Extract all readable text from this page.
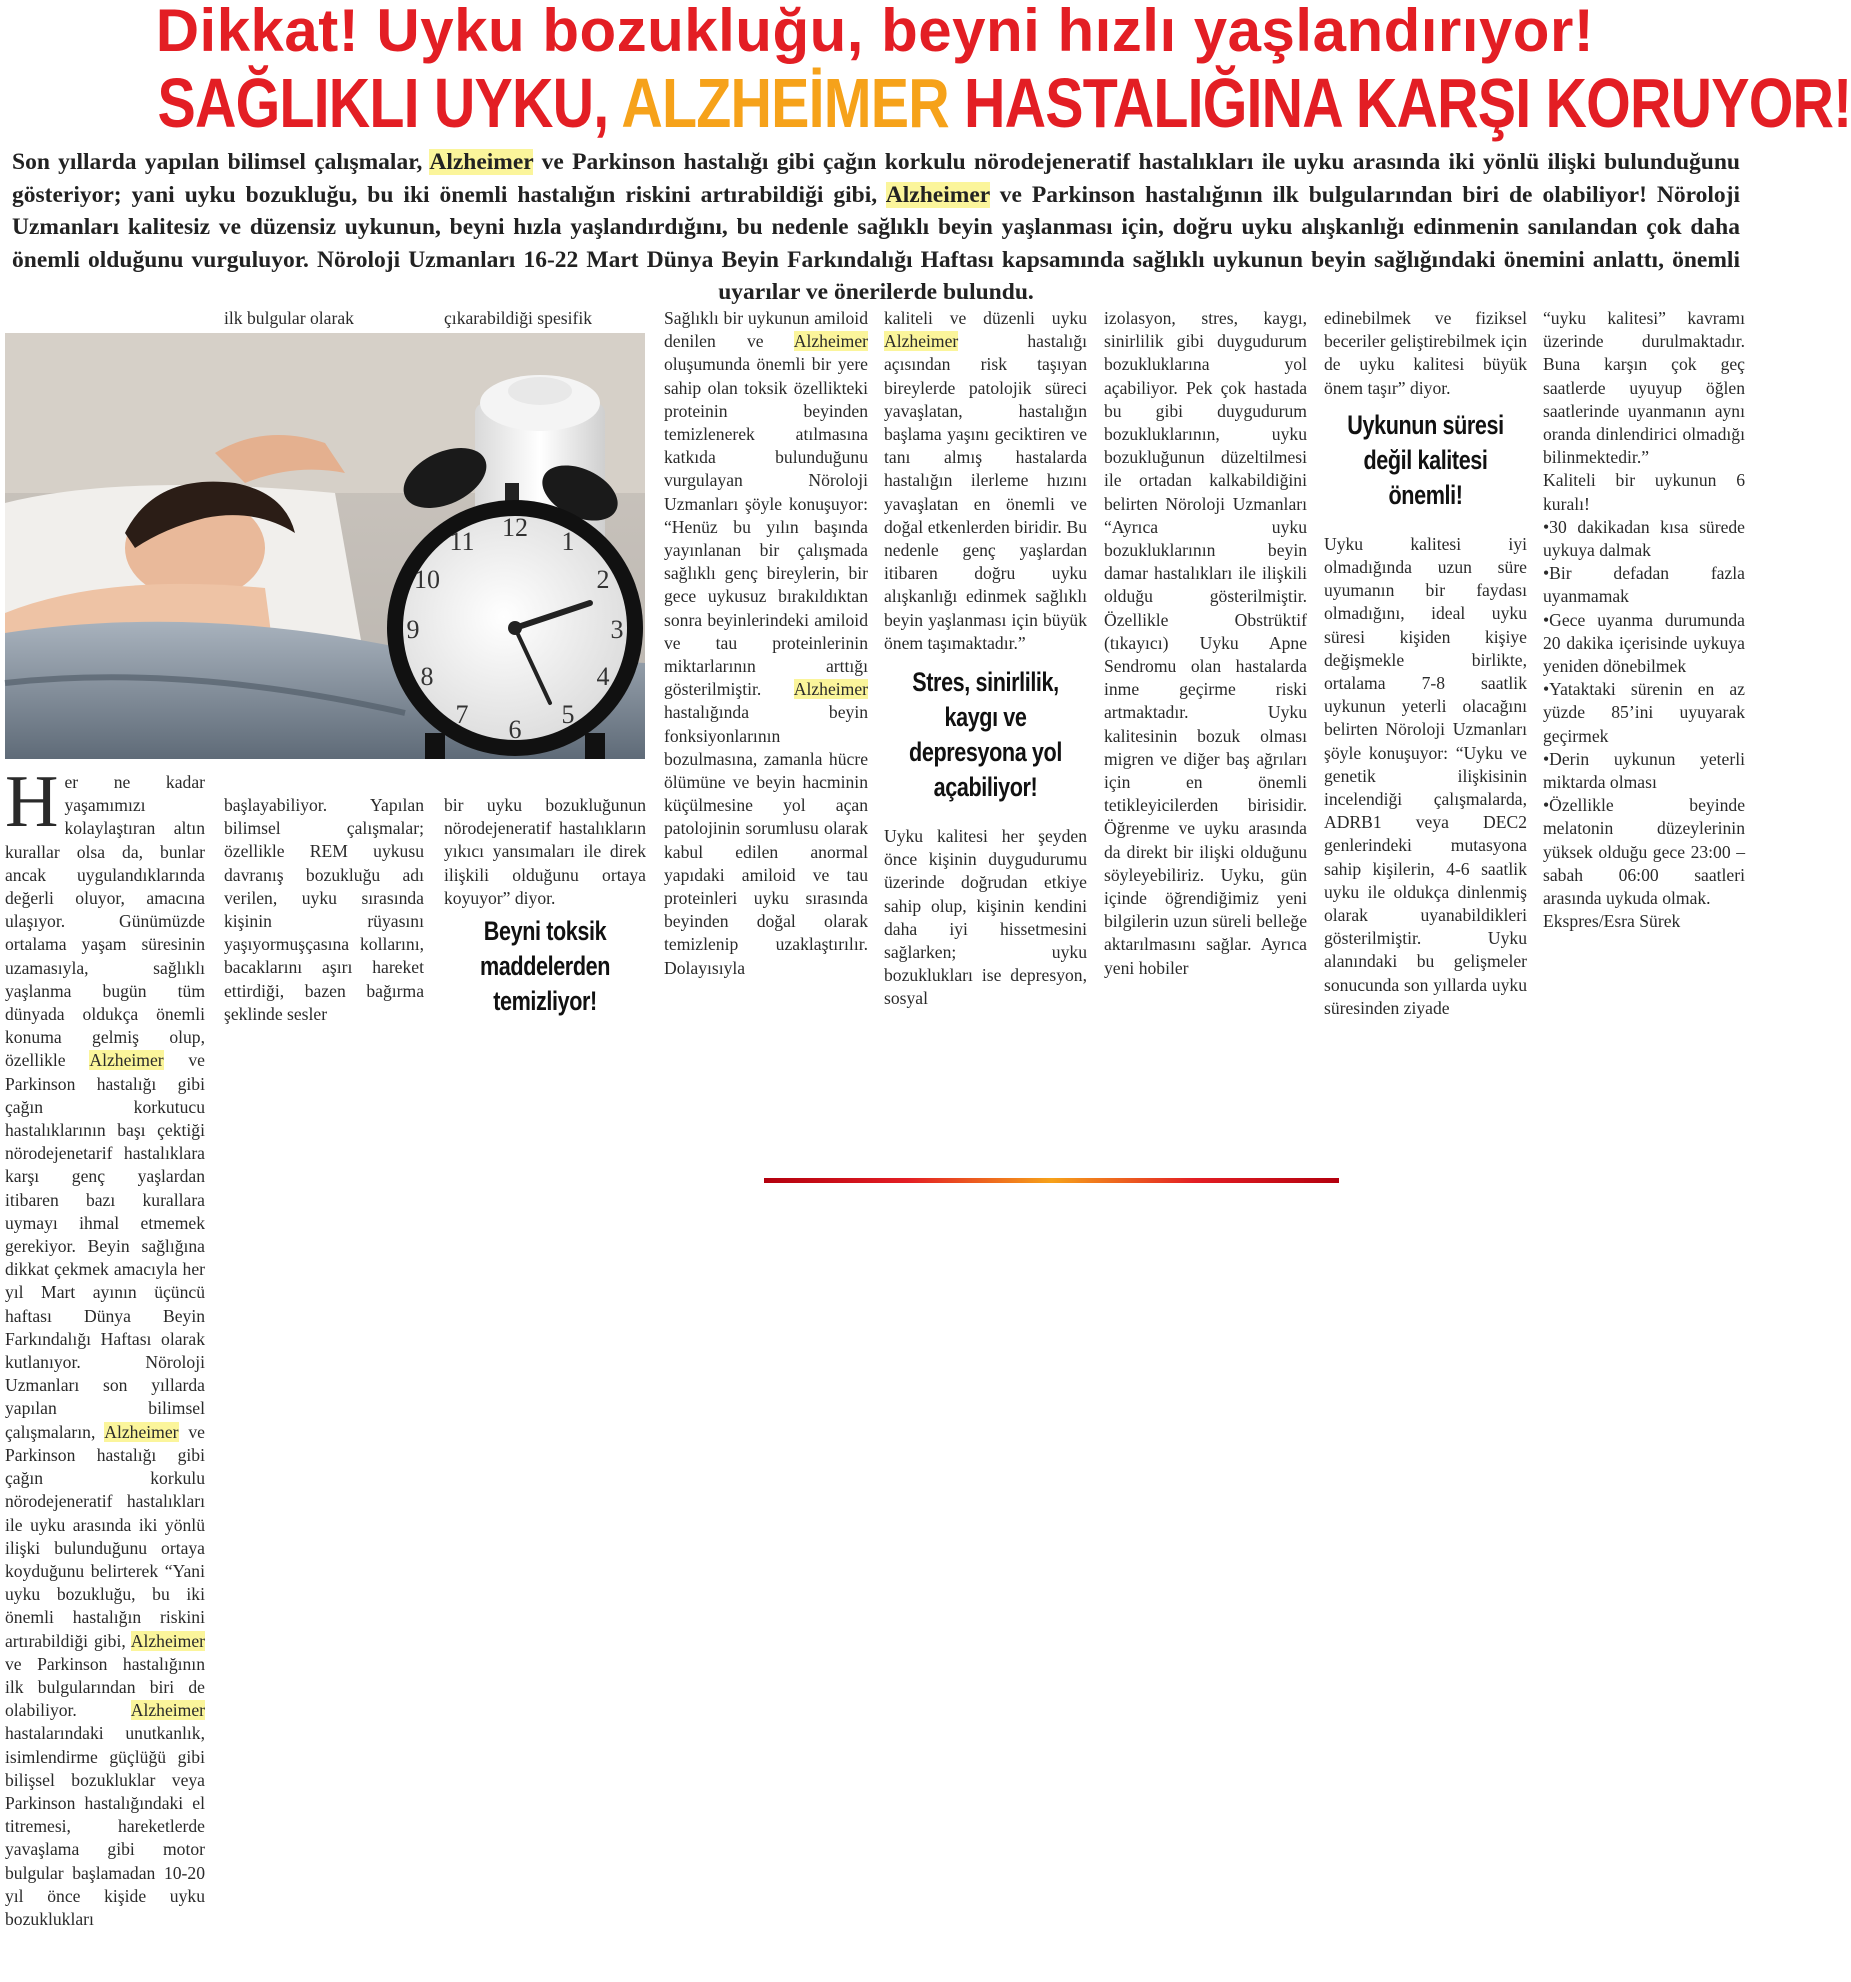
Dikkat! Uyku bozukluğu, beyni hızlı yaşlandırıyor!
SAĞLIKLI UYKU, ALZHEİMER HASTALIĞINA KARŞI KORUYOR!
Son yıllarda yapılan bilimsel çalışmalar, Alzheimer ve Parkinson hastalığı gibi çağın korkulu nörodejeneratif hastalıkları ile uyku arasında iki yönlü ilişki bulunduğunu gösteriyor; yani uyku bozukluğu, bu iki önemli hastalığın riskini artırabildiği gibi, Alzheimer ve Parkinson hastalığının ilk bulgularından biri de olabiliyor! Nöroloji Uzmanları kalitesiz ve düzensiz uykunun, beyni hızla yaşlandırdığını, bu nedenle sağlıklı beyin yaşlanması için, doğru uyku alışkanlığı edinmenin sanılandan çok daha önemli olduğunu vurguluyor. Nöroloji Uzmanları 16-22 Mart Dünya Beyin Farkındalığı Haftası kapsamında sağlıklı uykunun beyin sağlığındaki önemini anlattı, önemli uyarılar ve önerilerde bulundu.
12 1
2
3
4
5
6
7
8
9
10
11

Her ne kadar yaşamımızı kolaylaştıran altın kurallar olsa da, bunlar ancak uygulandıklarında değerli oluyor, amacına ulaşıyor. Günümüzde ortalama yaşam süresinin uzamasıyla, sağlıklı yaşlanma bugün tüm dünyada oldukça önemli konuma gelmiş olup, özellikle Alzheimer ve Parkinson hastalığı gibi çağın korkutucu hastalıklarının başı çektiği nörodejenetarif hastalıklara karşı genç yaşlardan itibaren bazı kurallara uymayı ihmal etmemek gerekiyor. Beyin sağlığına dikkat çekmek amacıyla her yıl Mart ayının üçüncü haftası Dünya Beyin Farkındalığı Haftası olarak kutlanıyor. Nöroloji Uzmanları son yıllarda yapılan bilimsel çalışmaların, Alzheimer ve Parkinson hastalığı gibi çağın korkulu nörodejeneratif hastalıkları ile uyku arasında iki yönlü ilişki bulunduğunu ortaya koyduğunu belirterek “Yani uyku bozukluğu, bu iki önemli hastalığın riskini artırabildiği gibi, Alzheimer ve Parkinson hastalığının ilk bulgularından biri de olabiliyor. Alzheimer hastalarındaki unutkanlık, isimlendirme güçlüğü gibi bilişsel bozukluklar veya Parkinson hastalığındaki el titremesi, hareketlerde yavaşlama gibi motor bulgular başlamadan 10-20 yıl önce kişide uyku bozuklukları

ilk bulgular olarak

başlayabiliyor. Yapılan bilimsel çalışmalar; özellikle REM uykusu davranış bozukluğu adı verilen, uyku sırasında kişinin rüyasını yaşıyormuşçasına kollarını, bacaklarını aşırı hareket ettirdiği, bazen bağırma şeklinde sesler

çıkarabildiği spesifik

bir uyku bozukluğunun nörodejeneratif hastalıkların yıkıcı yansımaları ile direk ilişkili olduğunu ortaya koyuyor” diyor.

Beyni toksik maddelerden temizliyor!

Sağlıklı bir uykunun amiloid denilen ve Alzheimer oluşumunda önemli bir yere sahip olan toksik özellikteki proteinin beyinden temizlenerek atılmasına katkıda bulunduğunu vurgulayan Nöroloji Uzmanları şöyle konuşuyor: “Henüz bu yılın başında yayınlanan bir çalışmada sağlıklı genç bireylerin, bir gece uykusuz bırakıldıktan sonra beyinlerindeki amiloid ve tau proteinlerinin miktarlarının arttığı gösterilmiştir. Alzheimer hastalığında beyin fonksiyonlarının bozulmasına, zamanla hücre ölümüne ve beyin hacminin küçülmesine yol açan patolojinin sorumlusu olarak kabul edilen anormal yapıdaki amiloid ve tau proteinleri uyku sırasında beyinden doğal olarak temizlenip uzaklaştırılır. Dolayısıyla

kaliteli ve düzenli uyku Alzheimer hastalığı açısından risk taşıyan bireylerde patolojik süreci yavaşlatan, hastalığın başlama yaşını geciktiren ve tanı almış hastalarda hastalığın ilerleme hızını yavaşlatan en önemli ve doğal etkenlerden biridir. Bu nedenle genç yaşlardan itibaren doğru uyku alışkanlığı edinmek sağlıklı beyin yaşlanması için büyük önem taşımaktadır.”

Stres, sinirlilik, kaygı ve depresyona yol açabiliyor!

Uyku kalitesi her şeyden önce kişinin duygudurumu üzerinde doğrudan etkiye sahip olup, kişinin kendini daha iyi hissetmesini sağlarken; uyku bozuklukları ise depresyon, sosyal

izolasyon, stres, kaygı, sinirlilik gibi duygudurum bozukluklarına yol açabiliyor. Pek çok hastada bu gibi duygudurum bozukluklarının, uyku bozukluğunun düzeltilmesi ile ortadan kalkabildiğini belirten Nöroloji Uzmanları “Ayrıca uyku bozukluklarının beyin damar hastalıkları ile ilişkili olduğu gösterilmiştir. Özellikle Obstrüktif (tıkayıcı) Uyku Apne Sendromu olan hastalarda inme geçirme riski artmaktadır. Uyku kalitesinin bozuk olması migren ve diğer baş ağrıları için en önemli tetikleyicilerden birisidir. Öğrenme ve uyku arasında da direkt bir ilişki olduğunu söyleyebiliriz. Uyku, gün içinde öğrendiğimiz yeni bilgilerin uzun süreli belleğe aktarılmasını sağlar. Ayrıca yeni hobiler

edinebilmek ve fiziksel beceriler geliştirebilmek için de uyku kalitesi büyük önem taşır” diyor.

Uykunun süresi değil kalitesi önemli!

Uyku kalitesi iyi olmadığında uzun süre uyumanın bir faydası olmadığını, ideal uyku süresi kişiden kişiye değişmekle birlikte, ortalama 7-8 saatlik uykunun yeterli olacağını belirten Nöroloji Uzmanları şöyle konuşuyor: “Uyku ve genetik ilişkisinin incelendiği çalışmalarda, ADRB1 veya DEC2 genlerindeki mutasyona sahip kişilerin, 4-6 saatlik uyku ile oldukça dinlenmiş olarak uyanabildikleri gösterilmiştir. Uyku alanındaki bu gelişmeler sonucunda son yıllarda uyku süresinden ziyade

“uyku kalitesi” kavramı üzerinde durulmaktadır. Buna karşın çok geç saatlerde uyuyup öğlen saatlerinde uyanmanın aynı oranda dinlendirici olmadığı bilinmektedir.”

Kaliteli bir uykunun 6 kuralı!

•30 dakikadan kısa sürede uykuya dalmak

•Bir defadan fazla uyanmamak

•Gece uyanma durumunda 20 dakika içerisinde uykuya yeniden dönebilmek

•Yataktaki sürenin en az yüzde 85’ini uyuyarak geçirmek

•Derin uykunun yeterli miktarda olması

•Özellikle beyinde melatonin düzeylerinin yüksek olduğu gece 23:00 – sabah 06:00 saatleri arasında uykuda olmak.

Ekspres/Esra Sürek
